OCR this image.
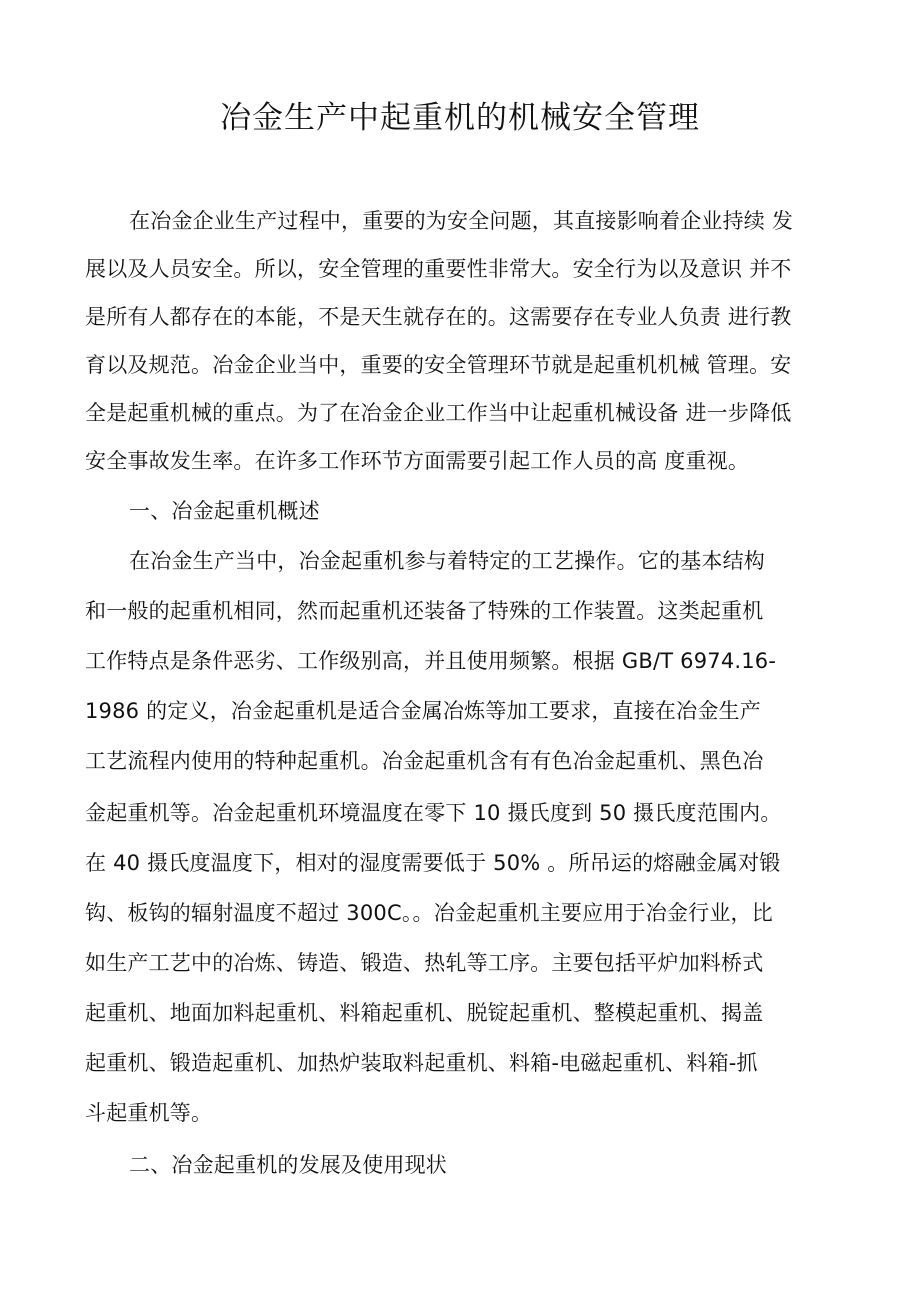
冶金生产中起重机的机械安全管理
在冶金企业生产过程中，重要的为安全问题，其直接影响着企业持续 发
展以及人员安全。所以，安全管理的重要性非常大。安全行为以及意识 并不
是所有人都存在的本能，不是天生就存在的。这需要存在专业人负责 进行教
育以及规范。冶金企业当中，重要的安全管理环节就是起重机机械 管理。安
全是起重机械的重点。为了在冶金企业工作当中让起重机械设备 进一步降低
安全事故发生率。在许多工作环节方面需要引起工作人员的高 度重视。
一、冶金起重机概述
在冶金生产当中，冶金起重机参与着特定的工艺操作。它的基本结构
和一般的起重机相同，然而起重机还装备了特殊的工作装置。这类起重机
工作特点是条件恶劣、工作级别高，并且使用频繁。根据 GB/T 6974.16-
1986 的定义，冶金起重机是适合金属冶炼等加工要求，直接在冶金生产
工艺流程内使用的特种起重机。冶金起重机含有有色冶金起重机、黑色冶
金起重机等。冶金起重机环境温度在零下 10 摄氏度到 50 摄氏度范围内。
在 40 摄氏度温度下，相对的湿度需要低于 50% 。所吊运的熔融金属对锻
钩、板钩的辐射温度不超过 300C。。冶金起重机主要应用于冶金行业，比
如生产工艺中的冶炼、铸造、锻造、热轧等工序。主要包括平炉加料桥式
起重机、地面加料起重机、料箱起重机、脱锭起重机、整模起重机、揭盖
起重机、锻造起重机、加热炉装取料起重机、料箱-电磁起重机、料箱-抓
斗起重机等。
二、冶金起重机的发展及使用现状
